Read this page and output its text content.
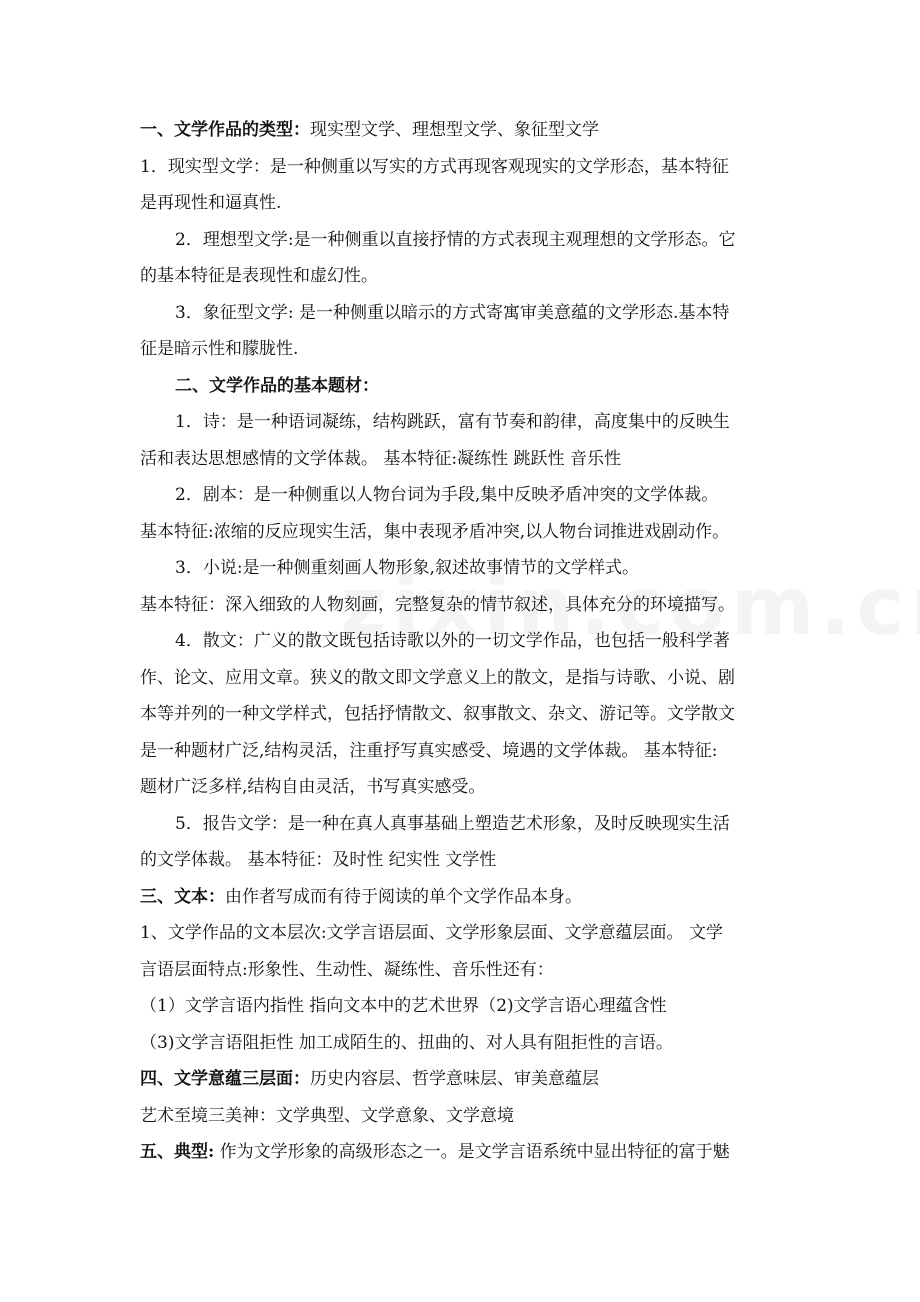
一、文学作品的类型：现实型文学、理想型文学、象征型文学
1．现实型文学：是一种侧重以写实的方式再现客观现实的文学形态，基本特征
是再现性和逼真性.
2．理想型文学:是一种侧重以直接抒情的方式表现主观理想的文学形态。它
的基本特征是表现性和虚幻性。
3．象征型文学: 是一种侧重以暗示的方式寄寓审美意蕴的文学形态.基本特
征是暗示性和朦胧性.
二、文学作品的基本题材：
1．诗：是一种语词凝练，结构跳跃，富有节奏和韵律，高度集中的反映生
活和表达思想感情的文学体裁。 基本特征:凝练性 跳跃性 音乐性
2．剧本：是一种侧重以人物台词为手段,集中反映矛盾冲突的文学体裁。
基本特征:浓缩的反应现实生活，集中表现矛盾冲突,以人物台词推进戏剧动作。
3．小说:是一种侧重刻画人物形象,叙述故事情节的文学样式。
基本特征：深入细致的人物刻画，完整复杂的情节叙述，具体充分的环境描写。
4．散文：广义的散文既包括诗歌以外的一切文学作品，也包括一般科学著
作、论文、应用文章。狭义的散文即文学意义上的散文，是指与诗歌、小说、剧
本等并列的一种文学样式，包括抒情散文、叙事散文、杂文、游记等。文学散文
是一种题材广泛,结构灵活，注重抒写真实感受、境遇的文学体裁。 基本特征:
题材广泛多样,结构自由灵活，书写真实感受。
5．报告文学：是一种在真人真事基础上塑造艺术形象，及时反映现实生活
的文学体裁。 基本特征：及时性 纪实性 文学性
三、文本：由作者写成而有待于阅读的单个文学作品本身。
1、文学作品的文本层次:文学言语层面、文学形象层面、文学意蕴层面。 文学
言语层面特点:形象性、生动性、凝练性、音乐性还有：
（1）文学言语内指性 指向文本中的艺术世界（2)文学言语心理蕴含性
（3)文学言语阻拒性 加工成陌生的、扭曲的、对人具有阻拒性的言语。
四、文学意蕴三层面：历史内容层、哲学意味层、审美意蕴层
艺术至境三美神：文学典型、文学意象、文学意境
五、典型: 作为文学形象的高级形态之一。是文学言语系统中显出特征的富于魅
